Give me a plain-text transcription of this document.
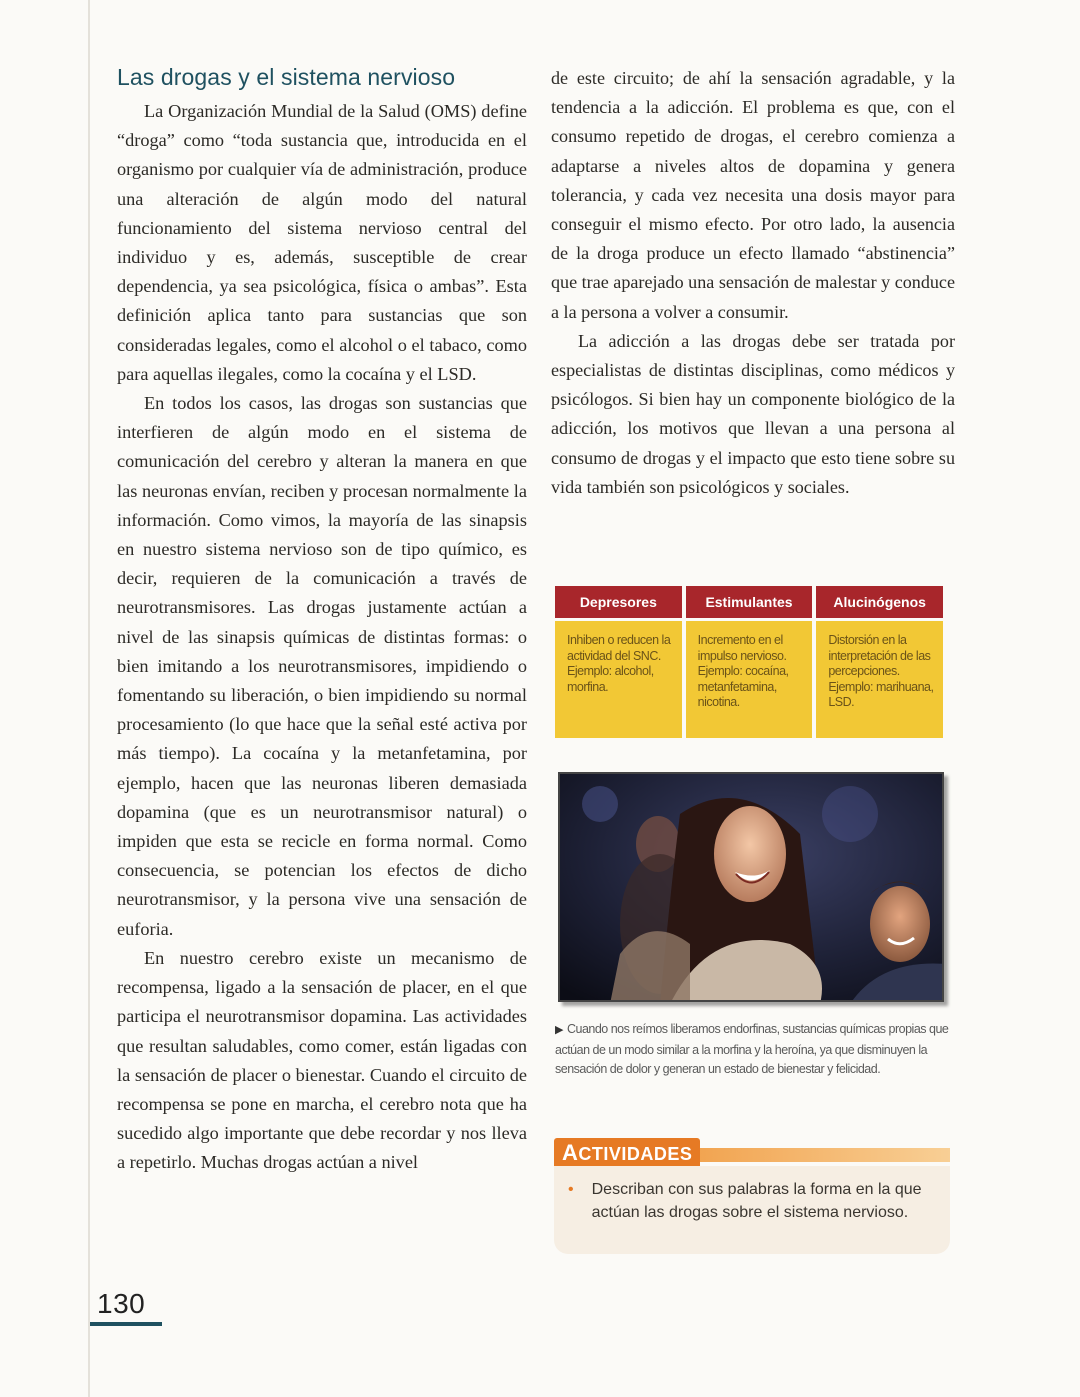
Las drogas y el sistema nervioso

La Organización Mundial de la Salud (OMS) define “droga” como “toda sustancia que, introducida en el organismo por cualquier vía de administración, produce una alteración de algún modo del natural funcionamiento del sistema nervioso central del individuo y es, además, susceptible de crear dependencia, ya sea psicológica, física o ambas”. Esta definición aplica tanto para sustancias que son consideradas legales, como el alcohol o el tabaco, como para aquellas ilegales, como la cocaína y el LSD.

En todos los casos, las drogas son sustancias que interfieren de algún modo en el sistema de comunicación del cerebro y alteran la manera en que las neuronas envían, reciben y procesan normalmente la información. Como vimos, la mayoría de las sinapsis en nuestro sistema nervioso son de tipo químico, es decir, requieren de la comunicación a través de neurotransmisores. Las drogas justamente actúan a nivel de las sinapsis químicas de distintas formas: o bien imitando a los neurotransmisores, impidiendo o fomentando su liberación, o bien impidiendo su normal procesamiento (lo que hace que la señal esté activa por más tiempo). La cocaína y la metanfetamina, por ejemplo, hacen que las neuronas liberen demasiada dopamina (que es un neurotransmisor natural) o impiden que esta se recicle en forma normal. Como consecuencia, se potencian los efectos de dicho neurotransmisor, y la persona vive una sensación de euforia.

En nuestro cerebro existe un mecanismo de recompensa, ligado a la sensación de placer, en el que participa el neurotransmisor dopamina. Las actividades que resultan saludables, como comer, están ligadas con la sensación de placer o bienestar. Cuando el circuito de recompensa se pone en marcha, el cerebro nota que ha sucedido algo importante que debe recordar y nos lleva a repetirlo. Muchas drogas actúan a nivel

de este circuito; de ahí la sensación agradable, y la tendencia a la adicción. El problema es que, con el consumo repetido de drogas, el cerebro comienza a adaptarse a niveles altos de dopamina y genera tolerancia, y cada vez necesita una dosis mayor para conseguir el mismo efecto. Por otro lado, la ausencia de la droga produce un efecto llamado “abstinencia” que trae aparejado una sensación de malestar y conduce a la persona a volver a consumir.

La adicción a las drogas debe ser tratada por especialistas de distintas disciplinas, como médicos y psicólogos. Si bien hay un componente biológico de la adicción, los motivos que llevan a una persona al consumo de drogas y el impacto que esto tiene sobre su vida también son psicológicos y sociales.

Depresores
Inhiben o reducen la actividad del SNC. Ejemplo: alcohol, morfina.
Estimulantes
Incremento en el impulso nervioso. Ejemplo: cocaína, metanfetamina, nicotina.
Alucinógenos
Distorsión en la interpretación de las percepciones. Ejemplo: marihuana, LSD.
▶ Cuando nos reímos liberamos endorfinas, sustancias químicas propias que actúan de un modo similar a la morfina y la heroína, ya que disminuyen la sensación de dolor y generan un estado de bienestar y felicidad.
ACTIVIDADES
• Describan con sus palabras la forma en la que actúan las drogas sobre el sistema nervioso.
130
